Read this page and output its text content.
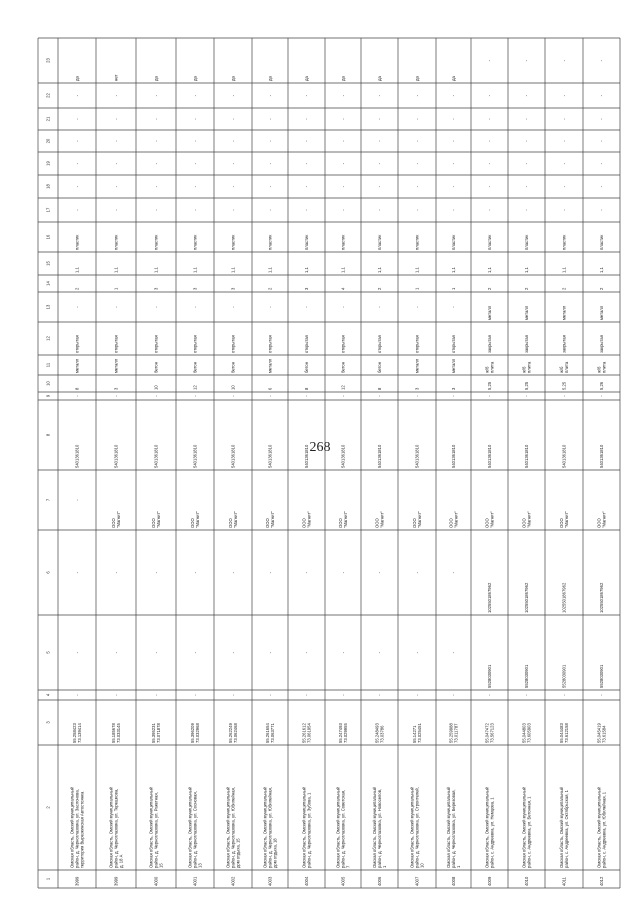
268
1
2
3
4
5
6
7
8
9
10
11
12
13
14
15
16
17
18
19
20
21
22
23
3999
Омская область, Омский муниципальный район, д. Черноглазовка, ул. Заслонова, территория Вырезкинская Автостоянка
55.258423 73.139414
-
-
-
-
5401361810
-
8
металл
открытая
-
2
1,1
пластик
-
-
-
-
-
-
да
3999
Омская область, Омский муниципальный район, д. Черноглазовка, ул. Терешкова, д. 18 А
55.185678 73.033145
-
-
-
ООО "Магнит"
5401361810
-
3
металл
открытая
-
1
1,1
пластик
-
-
-
-
-
-
нет
4000
Омская область, Омский муниципальный район, д. Черноглазовка, ул. Ракетная, 15
55.395231 73.071878
-
-
-
ООО "Магнит"
5401361810
-
10
бетон
открытая
-
3
1,1
пластик
-
-
-
-
-
-
да
4001
Омская область, Омский муниципальный район, д. Черноглазовка, ул. Сосновая, 13
55.396209 73.032968
-
-
-
ООО "Магнит"
5401361810
-
12
бетон
открытая
-
3
1,1
пластик
-
-
-
-
-
-
да
4002
Омская область, Омский муниципальный район, д. Черноглазовка, ул. Юбилейная, дом отдыха, 15
55.262249 73.062468
-
-
-
ООО "Магнит"
5401361810
-
10
бетон
открытая
-
3
1,1
пластик
-
-
-
-
-
-
да
4003
Омская область, Омский муниципальный район, д. Черноглазовка, ул. Юбилейная, дом отдыха, 18
55.261654 73.063771
-
-
-
ООО "Магнит"
5401361810
-
6
металл
открытая
-
2
1,1
пластик
-
-
-
-
-
-
да
4004
Омская область, Омский муниципальный район, д. Черноглазовка, ул. Зубова, 1
55.261612 73.061954
-
-
-
ООО "Магнит"
5401361810
-
8
бетон
открытая
-
3
1,1
пластик
-
-
-
-
-
-
да
4005
Омская область, Омский муниципальный район, д. Черноглазовка, ул. Советская, 7
55.247493 73.029955
-
-
-
ООО "Магнит"
5401361810
-
12
бетон
открытая
-
4
1,1
пластик
-
-
-
-
-
-
да
4006
Омская область, Омский муниципальный район, д. Черноглазовка, ул. Новоселов, 1
55.248493 73.03786
-
-
-
ООО "Магнит"
5401361810
-
8
бетон
открытая
-
2
1,1
пластик
-
-
-
-
-
-
да
4007
Омская область, Омский муниципальный район, д. Черноглазовка, ул. Строителей, 10
55.14271 73.025451
-
-
-
ООО "Магнит"
5401361810
-
3
металл
открытая
-
1
1,1
пластик
-
-
-
-
-
-
да
4008
Омская область, Омский муниципальный район, д. Черноглазовка, ул. Березовая, 1
55.259988 73.011787
-
-
-
ООО "Магнит"
5401361810
-
3
металл
открытая
-
1
1,1
пластик
-
-
-
-
-
-
да
4009
Омская область, Омский муниципальный район, с. Андреевка, ул. Немцова, 1
55.047472 73.567123
-
5528030901
1025501867962
ООО "Магнит"
5401361810
-
5,25
ж/б плита
закрытая
металл
2
1,1
пластик
-
-
-
-
-
-
-
4010
Омская область, Омский муниципальный район, с. Андреевка, ул. Бетонная, 1
55.044803 73.605903
-
5528030901
1025501867962
ООО "Магнит"
5401361810
-
5,25
ж/б плита
закрытая
металл
2
1,1
пластик
-
-
-
-
-
-
-
4011
Омская область, Омский муниципальный район, с. Андреевка, ул. Октябрьская, 1
55.044483 73.612158
-
5528030901
1025501867962
ООО "Магнит"
5401361810
-
5,25
ж/б плита
закрытая
металл
2
1,1
пластик
-
-
-
-
-
-
-
4012
Омская область, Омский муниципальный район, с. Андреевка, ул. Юбилейная, 1
55.045419 73.61584
-
5528030901
1025501867962
ООО "Магнит"
5401361810
-
5,26
ж/б плита
закрытая
металл
2
1,1
пластик
-
-
-
-
-
-
-
